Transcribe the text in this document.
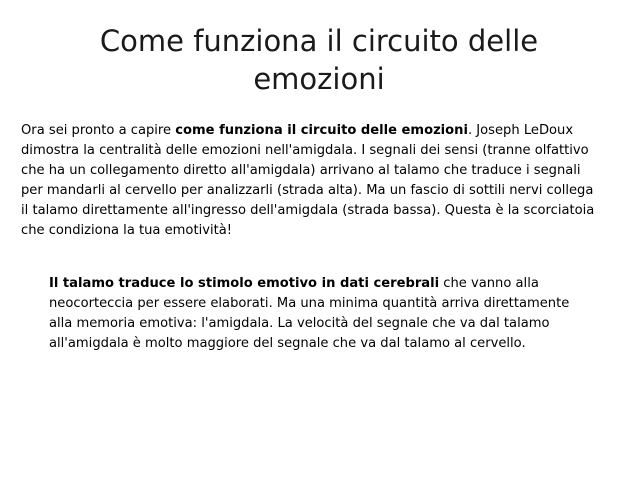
Come funziona il circuito delle emozioni

Ora sei pronto a capire come funziona il circuito delle emozioni. Joseph LeDoux dimostra la centralità delle emozioni nell'amigdala. I segnali dei sensi (tranne olfattivo che ha un collegamento diretto all'amigdala) arrivano al talamo che traduce i segnali per mandarli al cervello per analizzarli (strada alta). Ma un fascio di sottili nervi collega il talamo direttamente all'ingresso dell'amigdala (strada bassa). Questa è la scorciatoia che condiziona la tua emotività!

Il talamo traduce lo stimolo emotivo in dati cerebrali che vanno alla neocorteccia per essere elaborati. Ma una minima quantità arriva direttamente alla memoria emotiva: l'amigdala. La velocità del segnale che va dal talamo all'amigdala è molto maggiore del segnale che va dal talamo al cervello.
